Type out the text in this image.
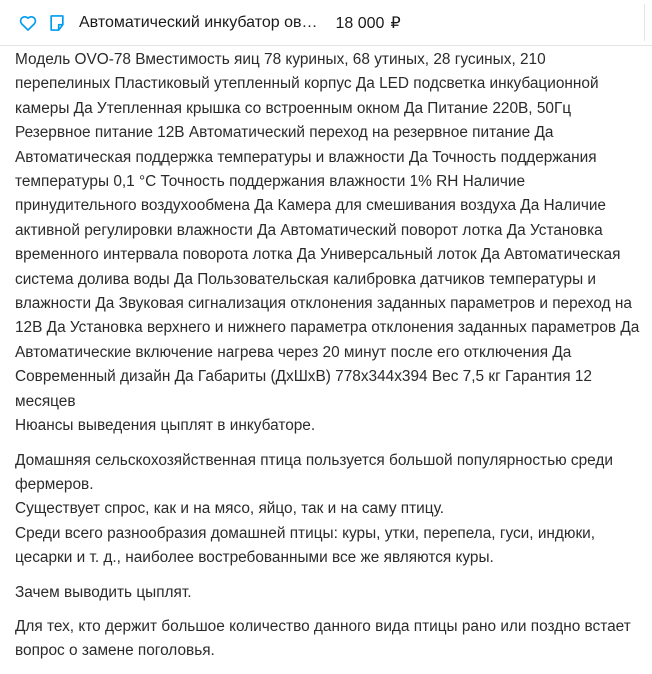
Автоматический инкубатор ов … 18 000 ₽

Модель OVO-78 Вместимость яиц 78 куриных, 68 утиных, 28 гусиных, 210 перепелиных Пластиковый утепленный корпус Да LED подсветка инкубационной камеры Да Утепленная крышка со встроенным окном Да Питание 220В, 50Гц Резервное питание 12В Автоматический переход на резервное питание Да Автоматическая поддержка температуры и влажности Да Точность поддержания температуры 0,1 °С Точность поддержания влажности 1% RH Наличие принудительного воздухообмена Да Камера для смешивания воздуха Да Наличие активной регулировки влажности Да Автоматический поворот лотка Да Установка временного интервала поворота лотка Да Универсальный лоток Да Автоматическая система долива воды Да Пользовательская калибровка датчиков температуры и влажности Да Звуковая сигнализация отклонения заданных параметров и переход на 12В Да Установка верхнего и нижнего параметра отклонения заданных параметров Да Автоматические включение нагрева через 20 минут после его отключения Да Современный дизайн Да Габариты (ДхШхВ) 778x344x394 Вес 7,5 кг Гарантия 12 месяцев

Нюансы выведения цыплят в инкубаторе.

Домашняя сельскохозяйственная птица пользуется большой популярностью среди фермеров.

Существует спрос, как и на мясо, яйцо, так и на саму птицу.

Среди всего разнообразия домашней птицы: куры, утки, перепела, гуси, индюки, цесарки и т. д., наиболее востребованными все же являются куры.

Зачем выводить цыплят.

Для тех, кто держит большое количество данного вида птицы рано или поздно встает вопрос о замене поголовья.
